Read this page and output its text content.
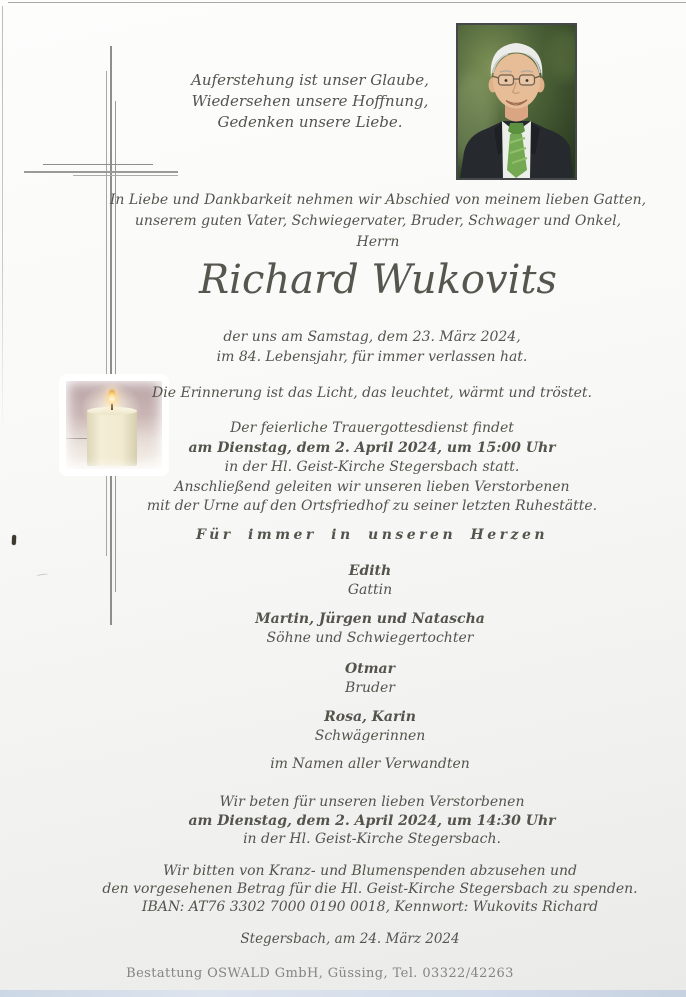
Auferstehung ist unser Glaube,
Wiedersehen unsere Hoffnung,
Gedenken unsere Liebe.
In Liebe und Dankbarkeit nehmen wir Abschied von meinem lieben Gatten,
unserem guten Vater, Schwiegervater, Bruder, Schwager und Onkel,
Herrn
Richard Wukovits
der uns am Samstag, dem 23. März 2024,
im 84. Lebensjahr, für immer verlassen hat.
Die Erinnerung ist das Licht, das leuchtet, wärmt und tröstet.
Der feierliche Trauergottesdienst findet
am Dienstag, dem 2. April 2024, um 15:00 Uhr
in der Hl. Geist-Kirche Stegersbach statt.
Anschließend geleiten wir unseren lieben Verstorbenen
mit der Urne auf den Ortsfriedhof zu seiner letzten Ruhestätte.
Für immer in unseren Herzen
Edith
Gattin
Martin, Jürgen und Natascha
Söhne und Schwiegertochter
Otmar
Bruder
Rosa, Karin
Schwägerinnen
im Namen aller Verwandten
Wir beten für unseren lieben Verstorbenen
am Dienstag, dem 2. April 2024, um 14:30 Uhr
in der Hl. Geist-Kirche Stegersbach.
Wir bitten von Kranz- und Blumenspenden abzusehen und
den vorgesehenen Betrag für die Hl. Geist-Kirche Stegersbach zu spenden.
IBAN: AT76 3302 7000 0190 0018, Kennwort: Wukovits Richard
Stegersbach, am 24. März 2024
Bestattung OSWALD GmbH, Güssing, Tel. 03322/42263
